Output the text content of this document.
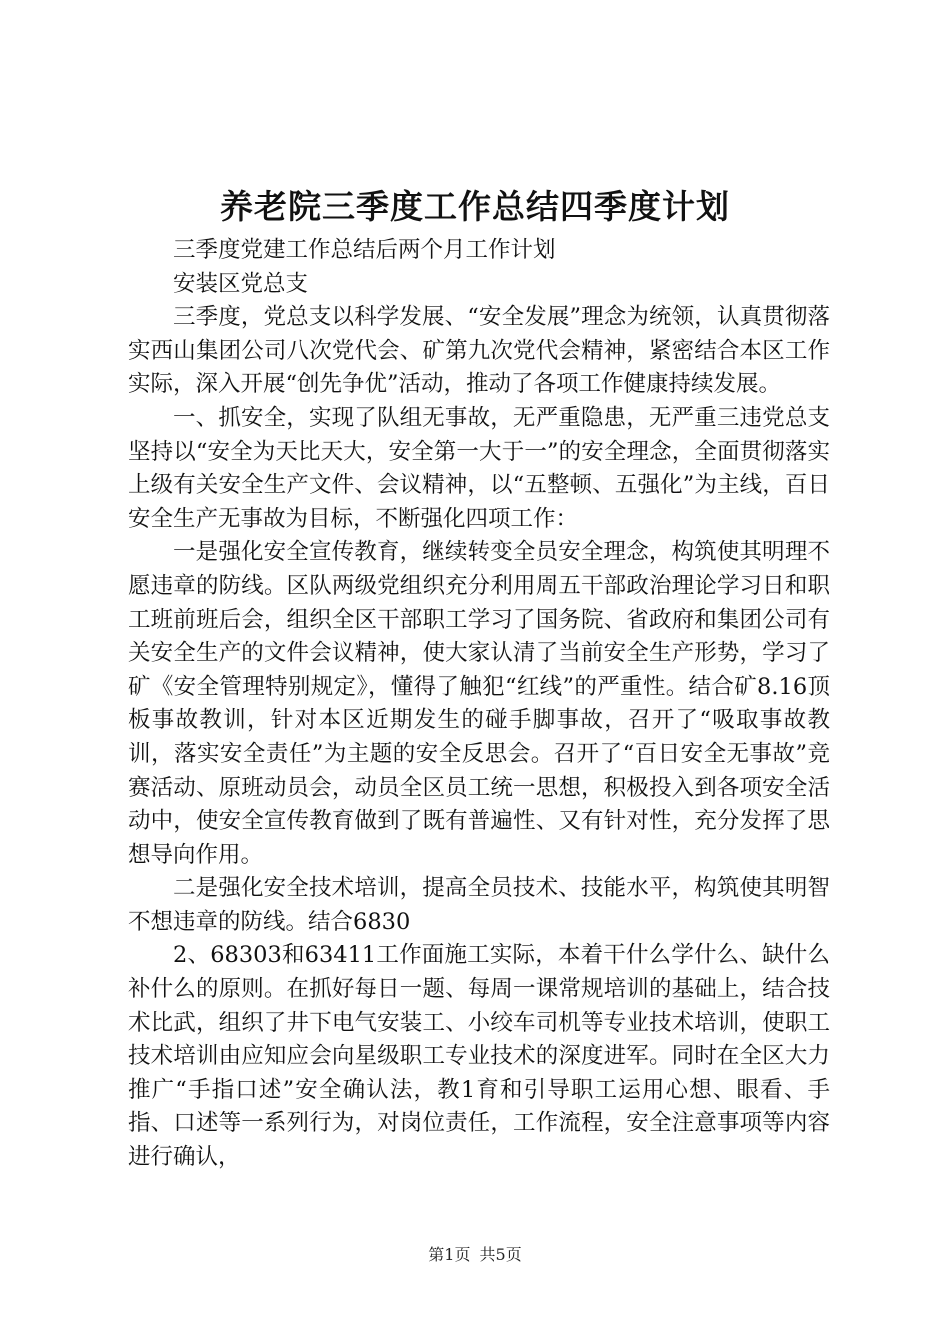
养老院三季度工作总结四季度计划

三季度党建工作总结后两个月工作计划

安装区党总支

三季度，党总支以科学发展、“安全发展”理念为统领，认真贯彻落实西山集团公司八次党代会、矿第九次党代会精神，紧密结合本区工作实际，深入开展“创先争优”活动，推动了各项工作健康持续发展。

一、抓安全，实现了队组无事故，无严重隐患，无严重三违党总支坚持以“安全为天比天大，安全第一大于一”的安全理念，全面贯彻落实上级有关安全生产文件、会议精神，以“五整顿、五强化”为主线，百日安全生产无事故为目标，不断强化四项工作：

一是强化安全宣传教育，继续转变全员安全理念，构筑使其明理不愿违章的防线。区队两级党组织充分利用周五干部政治理论学习日和职工班前班后会，组织全区干部职工学习了国务院、省政府和集团公司有关安全生产的文件会议精神，使大家认清了当前安全生产形势，学习了矿《安全管理特别规定》，懂得了触犯“红线”的严重性。结合矿8.16顶板事故教训，针对本区近期发生的碰手脚事故，召开了“吸取事故教训，落实安全责任”为主题的安全反思会。召开了“百日安全无事故”竞赛活动、原班动员会，动员全区员工统一思想，积极投入到各项安全活动中，使安全宣传教育做到了既有普遍性、又有针对性，充分发挥了思想导向作用。

二是强化安全技术培训，提高全员技术、技能水平，构筑使其明智不想违章的防线。结合6830

2、68303和63411工作面施工实际，本着干什么学什么、缺什么补什么的原则。在抓好每日一题、每周一课常规培训的基础上，结合技术比武，组织了井下电气安装工、小绞车司机等专业技术培训，使职工技术培训由应知应会向星级职工专业技术的深度进军。同时在全区大力推广“手指口述”安全确认法，教1育和引导职工运用心想、眼看、手指、口述等一系列行为，对岗位责任，工作流程，安全注意事项等内容进行确认，

第1页 共5页
